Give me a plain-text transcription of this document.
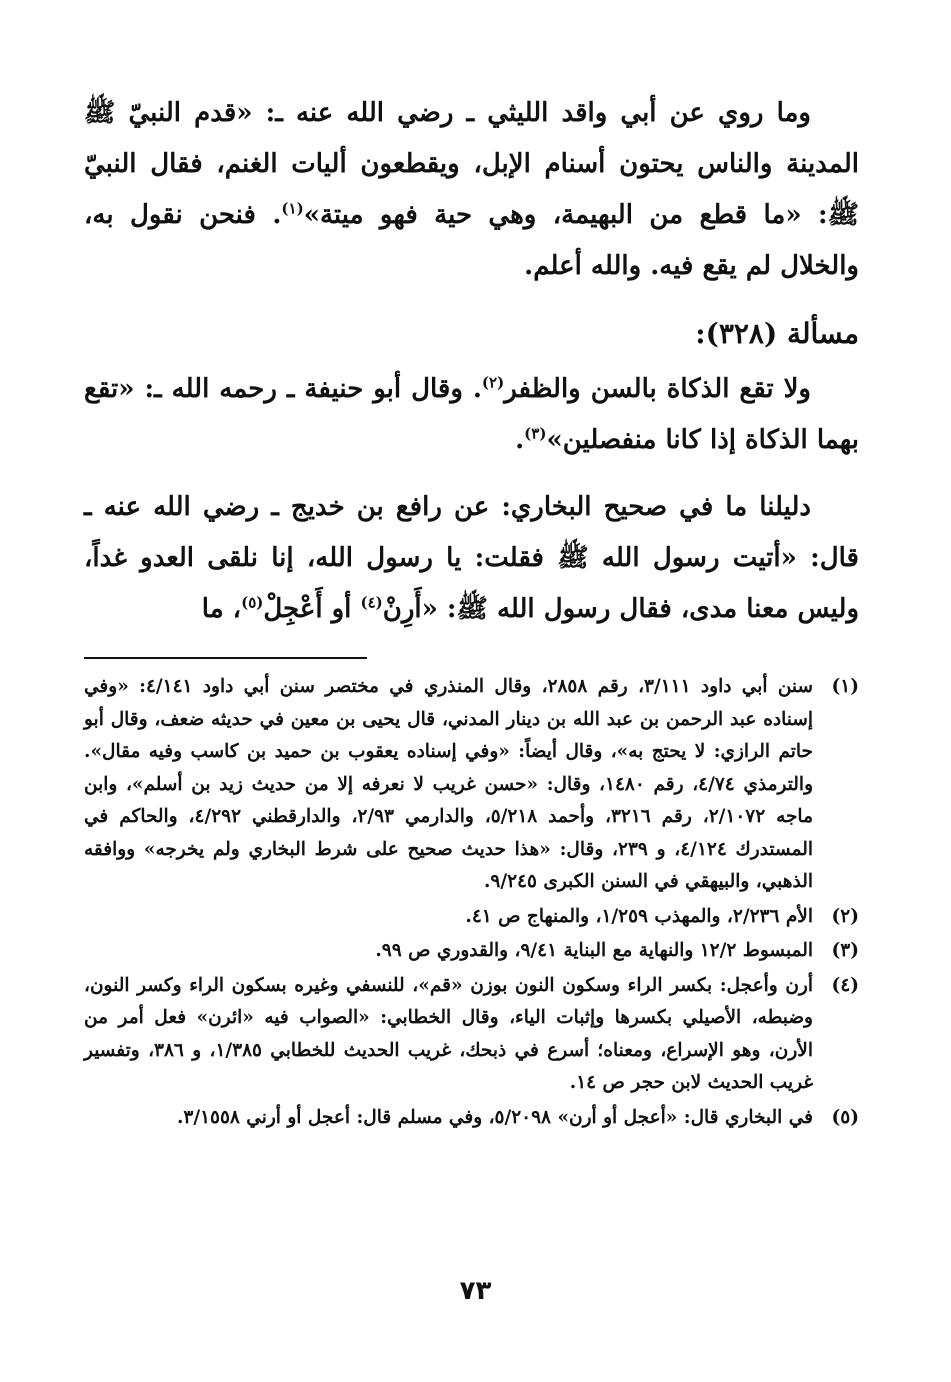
وما روي عن أبي واقد الليثي ـ رضي الله عنه ـ: «قدم النبيّ ﷺ المدينة والناس يحتون أسنام الإبل، ويقطعون أليات الغنم، فقال النبيّ ﷺ: «ما قطع من البهيمة، وهي حية فهو ميتة»$^{(١)}$. فنحن نقول به، والخلال لم يقع فيه. والله أعلم.

مسألة (٣٢٨):

ولا تقع الذكاة بالسن والظفر$^{(٢)}$. وقال أبو حنيفة ـ رحمه الله ـ: «تقع بهما الذكاة إذا كانا منفصلين»$^{(٣)}$.

دليلنا ما في صحيح البخاري: عن رافع بن خديج ـ رضي الله عنه ـ قال: «أتيت رسول الله ﷺ فقلت: يا رسول الله، إنا نلقى العدو غداً، وليس معنا مدى، فقال رسول الله ﷺ: «أَرِنْ$^{(٤)}$ أو أَعْجِلْ$^{(٥)}$، ما

(١)
سنن أبي داود ٣/١١١، رقم ٢٨٥٨، وقال المنذري في مختصر سنن أبي داود ٤/١٤١: «وفي إسناده عبد الرحمن بن عبد الله بن دينار المدني، قال يحيى بن معين في حديثه ضعف، وقال أبو حاتم الرازي: لا يحتج به»، وقال أيضاً: «وفي إسناده يعقوب بن حميد بن كاسب وفيه مقال». والترمذي ٤/٧٤، رقم ١٤٨٠، وقال: «حسن غريب لا نعرفه إلا من حديث زيد بن أسلم»، وابن ماجه ٢/١٠٧٢، رقم ٣٢١٦، وأحمد ٥/٢١٨، والدارمي ٢/٩٣، والدارقطني ٤/٢٩٢، والحاكم في المستدرك ٤/١٢٤، و ٢٣٩، وقال: «هذا حديث صحيح على شرط البخاري ولم يخرجه» ووافقه الذهبي، والبيهقي في السنن الكبرى ٩/٢٤٥.
(٢)
الأم ٢/٢٣٦، والمهذب ١/٢٥٩، والمنهاج ص ٤١.
(٣)
المبسوط ١٢/٢ والنهاية مع البناية ٩/٤١، والقدوري ص ٩٩.
(٤)
أرن وأعجل: بكسر الراء وسكون النون بوزن «قم»، للنسفي وغيره بسكون الراء وكسر النون، وضبطه، الأصيلي بكسرها وإثبات الياء، وقال الخطابي: «الصواب فيه «ائرن» فعل أمر من الأرن، وهو الإسراع، ومعناه؛ أسرع في ذبحك، غريب الحديث للخطابي ١/٣٨٥، و ٣٨٦، وتفسير غريب الحديث لابن حجر ص ١٤.
(٥)
في البخاري قال: «أعجل أو أرن» ٥/٢٠٩٨، وفي مسلم قال: أعجل أو أرني ٣/١٥٥٨.
٧٣
